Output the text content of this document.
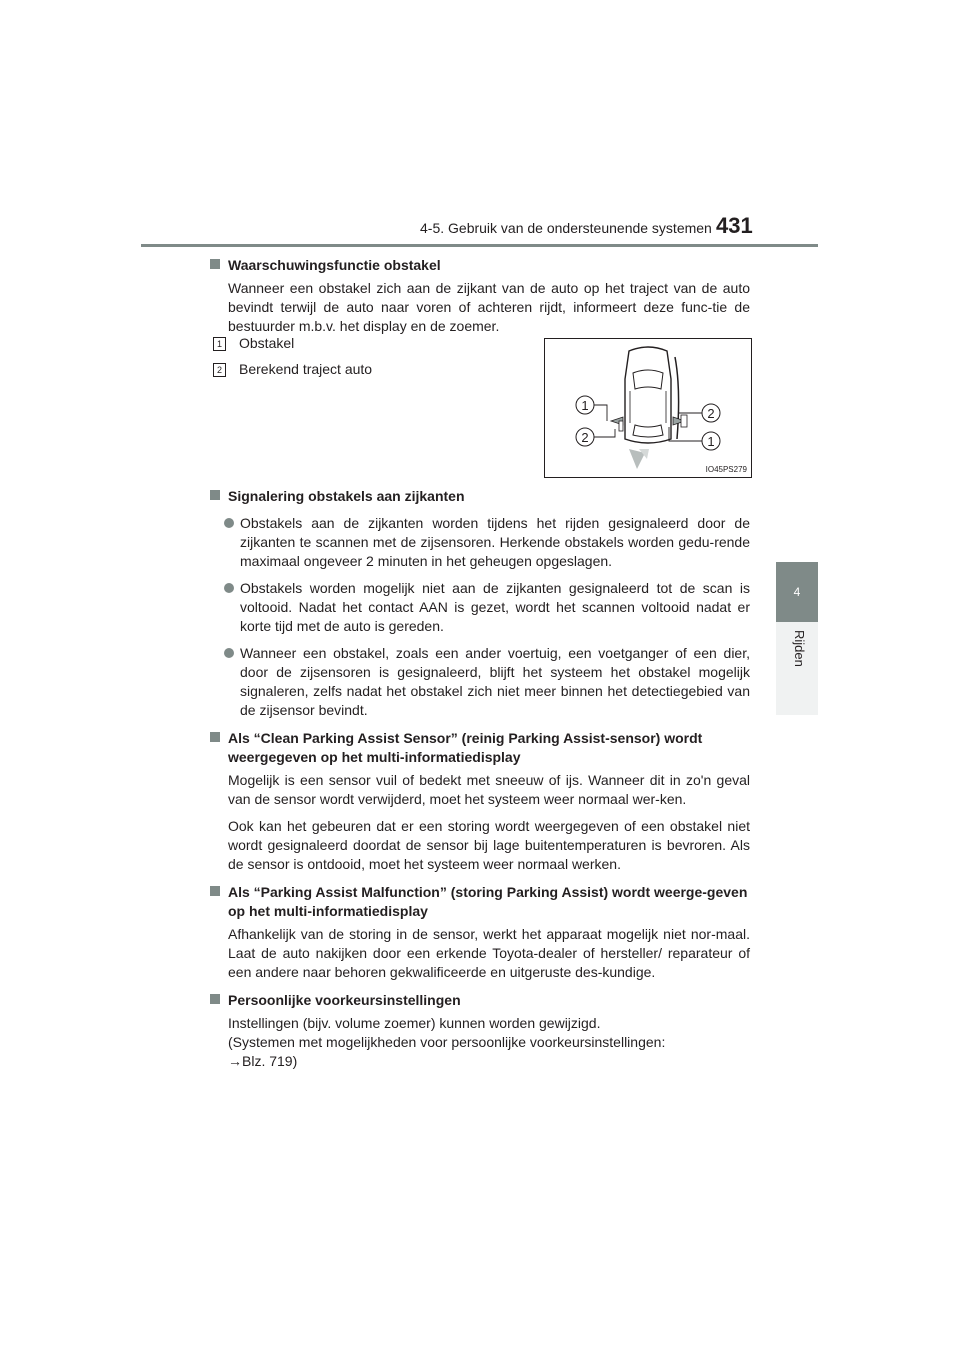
4-5. Gebruik van de ondersteunende systemen 431
4
Rijden
1 Obstakel
2 Berekend traject auto
1
2
2
1
IO45PS279
Waarschuwingsfunctie obstakel
Wanneer een obstakel zich aan de zijkant van de auto op het traject van de auto bevindt terwijl de auto naar voren of achteren rijdt, informeert deze func-tie de bestuurder m.b.v. het display en de zoemer.
Signalering obstakels aan zijkanten
Obstakels aan de zijkanten worden tijdens het rijden gesignaleerd door de zijkanten te scannen met de zijsensoren. Herkende obstakels worden gedu-rende maximaal ongeveer 2 minuten in het geheugen opgeslagen.
Obstakels worden mogelijk niet aan de zijkanten gesignaleerd tot de scan is voltooid. Nadat het contact AAN is gezet, wordt het scannen voltooid nadat er korte tijd met de auto is gereden.
Wanneer een obstakel, zoals een ander voertuig, een voetganger of een dier, door de zijsensoren is gesignaleerd, blijft het systeem het obstakel mogelijk signaleren, zelfs nadat het obstakel zich niet meer binnen het detectiegebied van de zijsensor bevindt.
Als “Clean Parking Assist Sensor” (reinig Parking Assist-sensor) wordt weergegeven op het multi-informatiedisplay
Mogelijk is een sensor vuil of bedekt met sneeuw of ijs. Wanneer dit in zo'n geval van de sensor wordt verwijderd, moet het systeem weer normaal wer-ken.
Ook kan het gebeuren dat er een storing wordt weergegeven of een obstakel niet wordt gesignaleerd doordat de sensor bij lage buitentemperaturen is bevroren. Als de sensor is ontdooid, moet het systeem weer normaal werken.
Als “Parking Assist Malfunction” (storing Parking Assist) wordt weerge-geven op het multi-informatiedisplay
Afhankelijk van de storing in de sensor, werkt het apparaat mogelijk niet nor-maal. Laat de auto nakijken door een erkende Toyota-dealer of hersteller/ reparateur of een andere naar behoren gekwalificeerde en uitgeruste des-kundige.
Persoonlijke voorkeursinstellingen
Instellingen (bijv. volume zoemer) kunnen worden gewijzigd.
(Systemen met mogelijkheden voor persoonlijke voorkeursinstellingen:
→Blz. 719)
